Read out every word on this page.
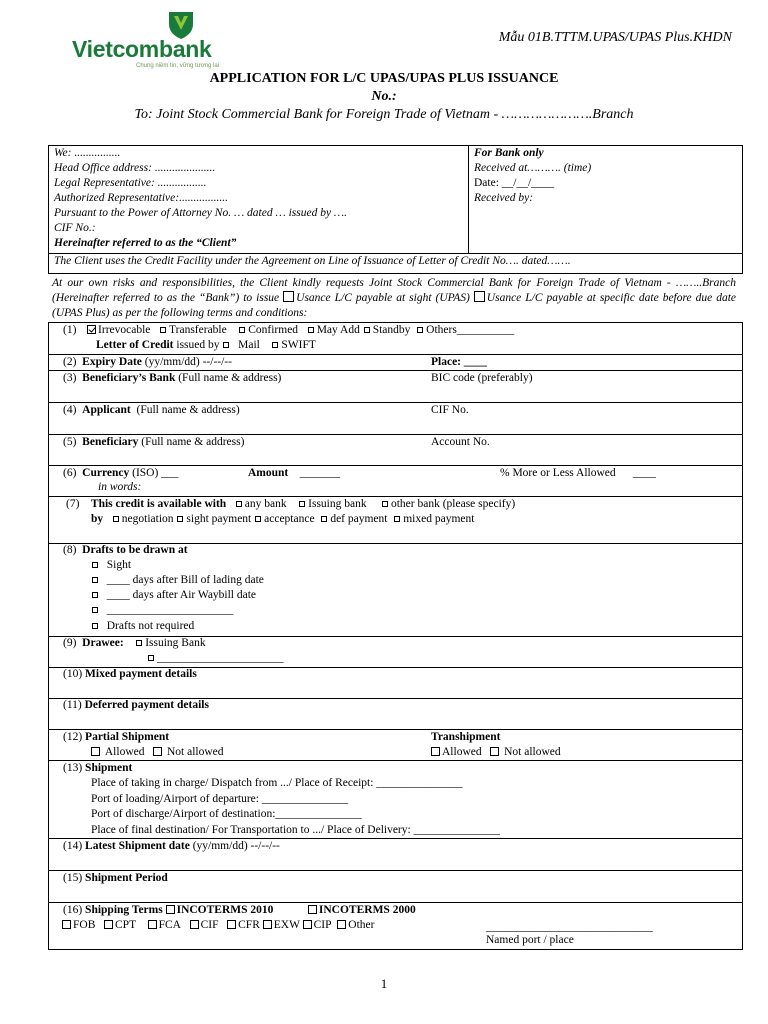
Vietcombank
Chung niềm tin, vững tương lai
Mẫu 01B.TTTM.UPAS/UPAS Plus.KHDN
APPLICATION FOR L/C UPAS/UPAS PLUS ISSUANCE
No.:
To: Joint Stock Commercial Bank for Foreign Trade of Vietnam - ………………….Branch
We: ................
Head Office address: .....................
Legal Representative: .................
Authorized Representative:.................
Pursuant to the Power of Attorney No. … dated … issued by ….
CIF No.:
Hereinafter referred to as the “Client”
The Client uses the Credit Facility under the Agreement on Line of Issuance of Letter of Credit No…. dated…….
For Bank only
Received at………. (time)
Date: __/__/____
Received by:
At our own risks and responsibilities, the Client kindly requests Joint Stock Commercial Bank for Foreign Trade of Vietnam - ……..Branch (Hereinafter referred to as the “Bank”) to issue Usance L/C payable at sight (UPAS) Usance L/C payable at specific date before due date (UPAS Plus) as per the following terms and conditions:
(1) Irrevocable Transferable Confirmed May Add Standby Others__________
Letter of Credit issued by Mail SWIFT
(2) Expiry Date (yy/mm/dd) --/--/--	Place: ____
(3) Beneficiary’s Bank (Full name & address)	BIC code (preferably)
(4) Applicant (Full name & address)	CIF No.
(5) Beneficiary (Full name & address)	Account No.
(6) Currency (ISO) ___	Amount _______	% More or Less Allowed ____
in words:
(7) This credit is available with any bank Issuing bank other bank (please specify)
by negotiation sight payment acceptance def payment mixed payment
(8) Drafts to be drawn at
Sight
____ days after Bill of lading date
____ days after Air Waybill date
______________________
Drafts not required
(9) Drawee: Issuing Bank
______________________
(10) Mixed payment details
(11) Deferred payment details
(12) Partial Shipment
Allowed Not allowed
Transhipment
Allowed Not allowed
(13) Shipment
Place of taking in charge/ Dispatch from .../ Place of Receipt: _______________
Port of loading/Airport of departure: _______________
Port of discharge/Airport of destination:_______________
Place of final destination/ For Transportation to .../ Place of Delivery: _______________
(14) Latest Shipment date (yy/mm/dd) --/--/--
(15) Shipment Period
(16) Shipping Terms INCOTERMS 2010	INCOTERMS 2000
FOB CPT FCA CIF CFR EXW CIP Other	_____________________________
Named port / place
1
